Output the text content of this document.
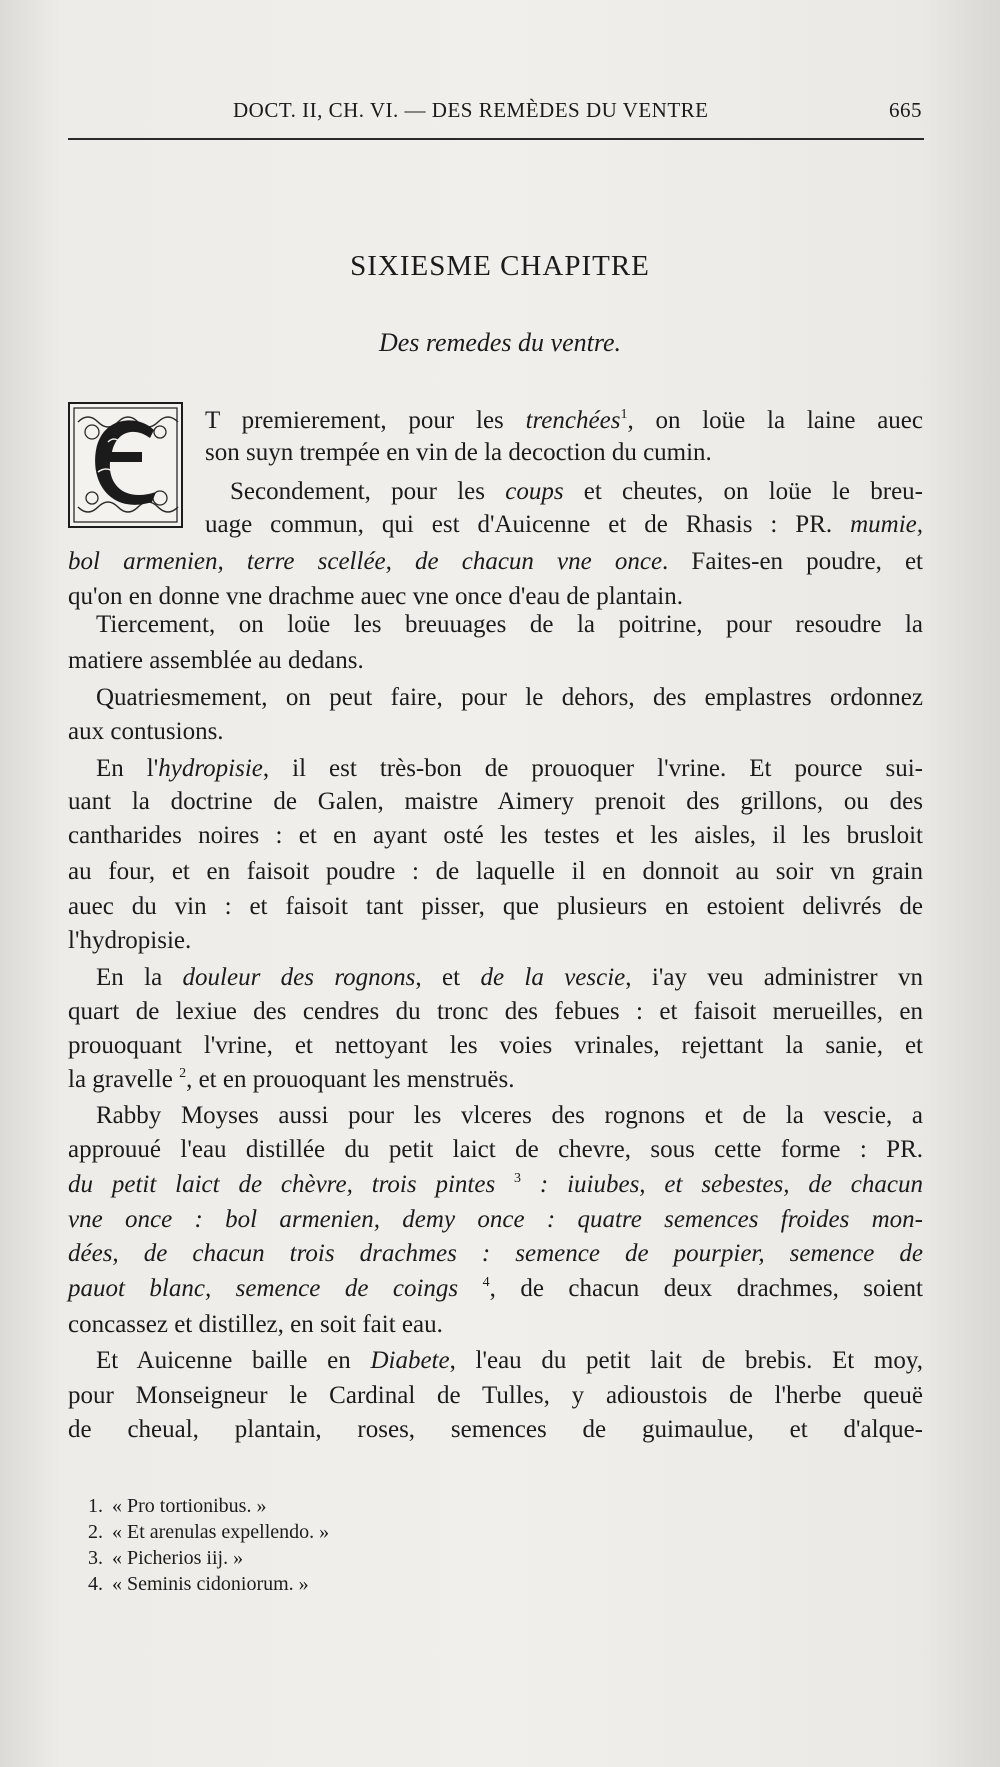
DOCT. II, CH. VI. — DES REMÈDES DU VENTRE	665
SIXIESME CHAPITRE
Des remedes du ventre.
T premierement, pour les trenchées$^1$, on loüe la laine auec
son suyn trempée en vin de la decoction du cumin.
Secondement, pour les coups et cheutes, on loüe le breu-
uage commun, qui est d'Auicenne et de Rhasis : PR. mumie,
bol armenien, terre scellée, de chacun vne once. Faites-en poudre, et
qu'on en donne vne drachme auec vne once d'eau de plantain.
Tiercement, on loüe les breuuages de la poitrine, pour resoudre la
matiere assemblée au dedans.
Quatriesmement, on peut faire, pour le dehors, des emplastres ordonnez
aux contusions.
En l'hydropisie, il est très-bon de prouoquer l'vrine. Et pource sui-
uant la doctrine de Galen, maistre Aimery prenoit des grillons, ou des
cantharides noires : et en ayant osté les testes et les aisles, il les brusloit
au four, et en faisoit poudre : de laquelle il en donnoit au soir vn grain
auec du vin : et faisoit tant pisser, que plusieurs en estoient delivrés de
l'hydropisie.
En la douleur des rognons, et de la vescie, i'ay veu administrer vn
quart de lexiue des cendres du tronc des febues : et faisoit merueilles, en
prouoquant l'vrine, et nettoyant les voies vrinales, rejettant la sanie, et
la gravelle $^2$, et en prouoquant les menstruës.
Rabby Moyses aussi pour les vlceres des rognons et de la vescie, a
approuué l'eau distillée du petit laict de chevre, sous cette forme : PR.
du petit laict de chèvre, trois pintes $^3$ : iuiubes, et sebestes, de chacun
vne once : bol armenien, demy once : quatre semences froides mon-
dées, de chacun trois drachmes : semence de pourpier, semence de
pauot blanc, semence de coings $^4$, de chacun deux drachmes, soient
concassez et distillez, en soit fait eau.
Et Auicenne baille en Diabete, l'eau du petit lait de brebis. Et moy,
pour Monseigneur le Cardinal de Tulles, y adioustois de l'herbe queuë
de cheual, plantain, roses, semences de guimaulue, et d'alque-
1. « Pro tortionibus. »
2. « Et arenulas expellendo. »
3. « Picherios iij. »
4. « Seminis cidoniorum. »
